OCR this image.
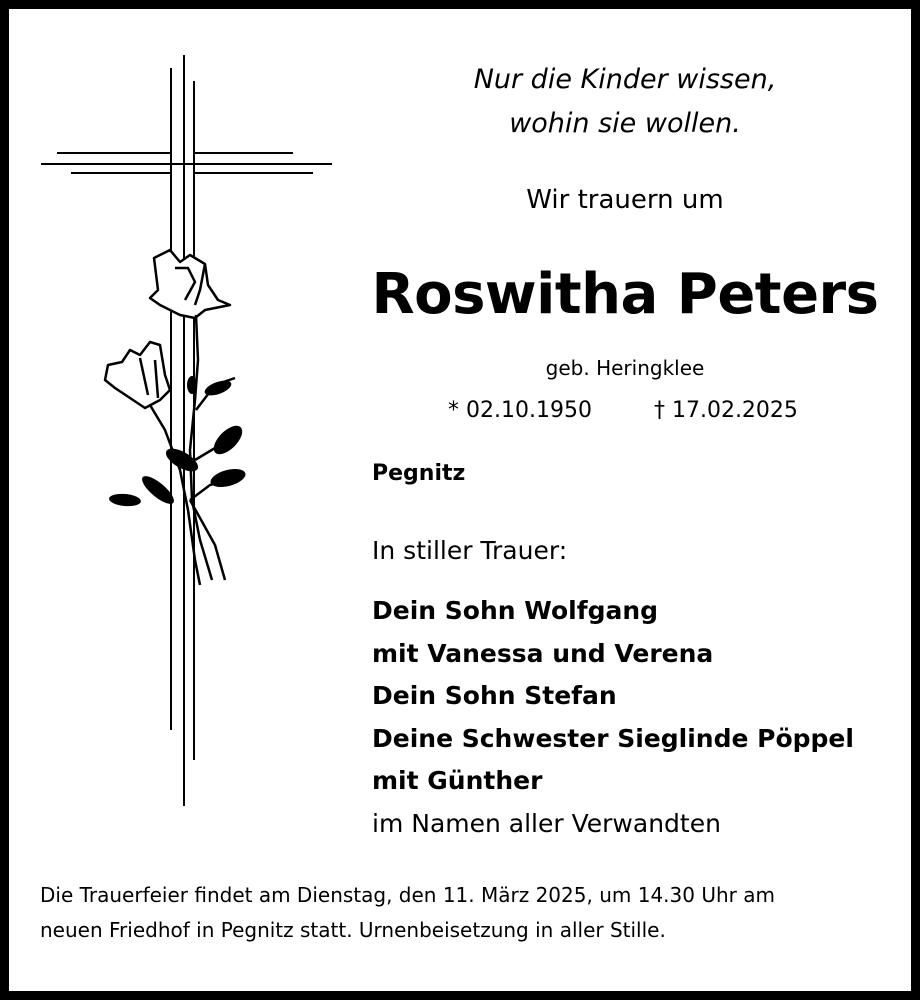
Nur die Kinder wissen,
wohin sie wollen.
Wir trauern um
Roswitha Peters
geb. Heringklee
* 02.10.1950	† 17.02.2025
Pegnitz
In stiller Trauer:
Dein Sohn Wolfgang
mit Vanessa und Verena
Dein Sohn Stefan
Deine Schwester Sieglinde Pöppel
mit Günther
im Namen aller Verwandten
Die Trauerfeier findet am Dienstag, den 11. März 2025, um 14.30 Uhr am
neuen Friedhof in Pegnitz statt. Urnenbeisetzung in aller Stille.
